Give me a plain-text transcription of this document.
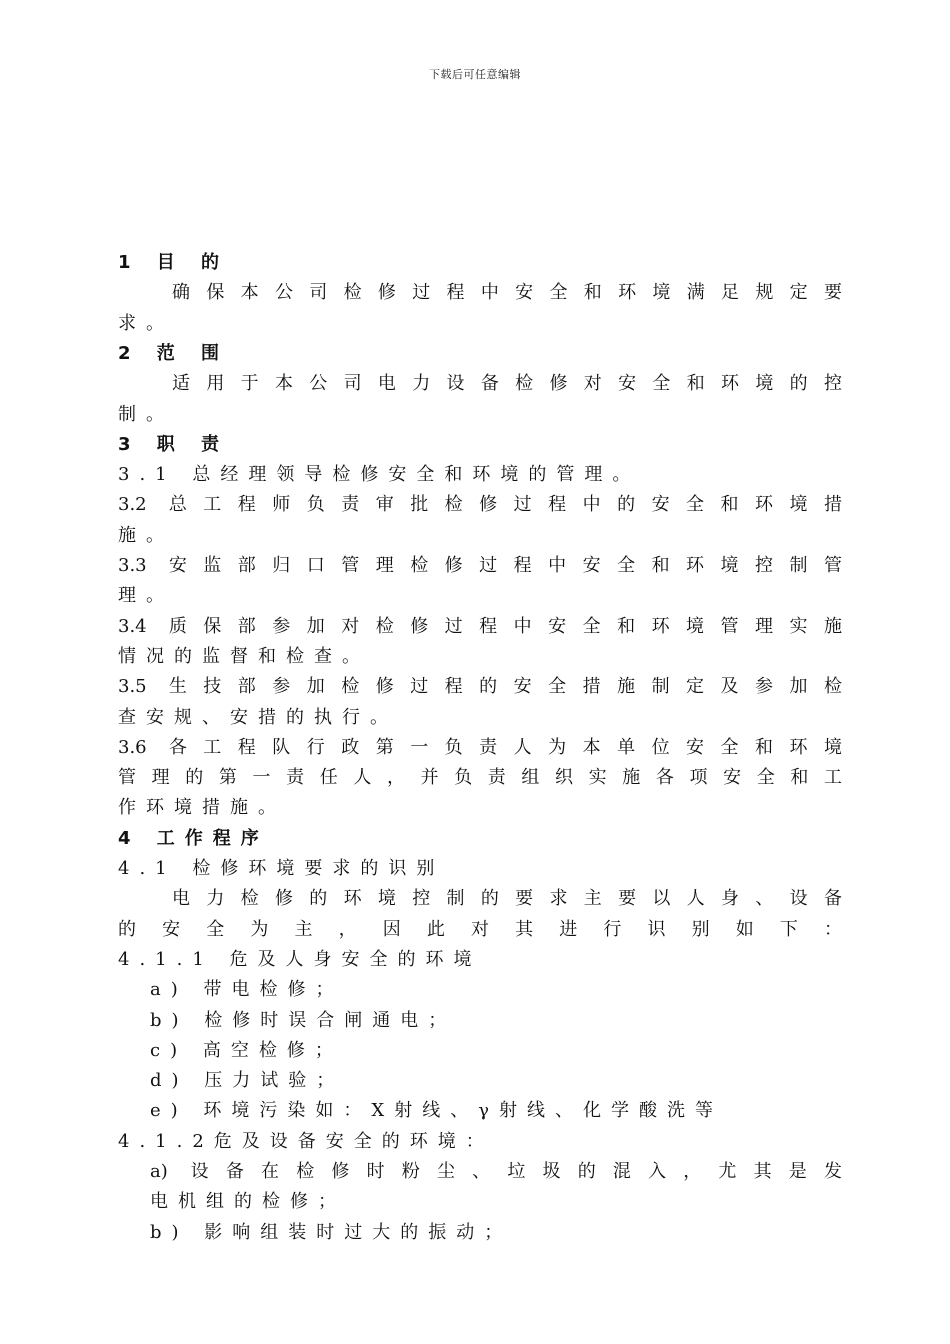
下载后可任意编辑
1 目 的
确保本公司检修过程中安全和环境满足规定要
求。
2 范 围
适用于本公司电力设备检修对安全和环境的控
制。
3 职 责
3.1 总经理领导检修安全和环境的管理。
3.2 总工程师负责审批检修过程中的安全和环境措
施。
3.3 安监部归口管理检修过程中安全和环境控制管
理。
3.4 质保部参加对检修过程中安全和环境管理实施
情况的监督和检查。
3.5 生技部参加检修过程的安全措施制定及参加检
查安规、安措的执行。
3.6 各工程队行政第一负责人为本单位安全和环境
管理的第一责任人，并负责组织实施各项安全和工
作环境措施。
4 工作程序
4.1 检修环境要求的识别
电力检修的环境控制的要求主要以人身、设备
的安全为主，因此对其进行识别如下：
4.1.1 危及人身安全的环境
a) 带电检修；
b) 检修时误合闸通电；
c) 高空检修；
d) 压力试验；
e) 环境污染如：X射线、γ射线、化学酸洗等
4.1.2危及设备安全的环境：
a) 设备在检修时粉尘、垃圾的混入，尤其是发
电机组的检修；
b) 影响组装时过大的振动；
